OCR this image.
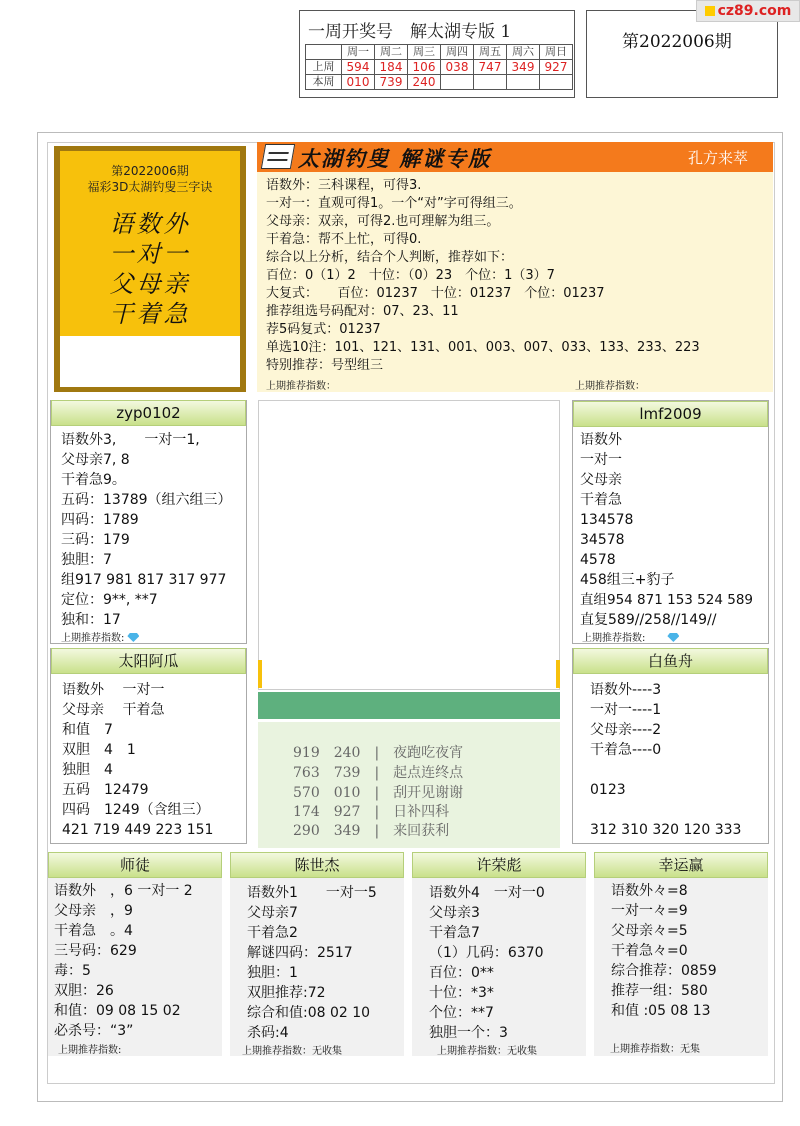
一周开奖号　解太湖专版 1
	周一	周二	周三	周四	周五	周六	周日
上周	594	184	106	038	747	349	927
本周	010	739	240				
第2022006期
cz89.com
第2022006期
福彩3D太湖钓叟三字诀
语数外
一对一
父母亲
干着急
太湖钓叟 解谜专版	孔方来萃
语数外：三科课程，可得3.
一对一：直观可得1。一个“对”字可得组三。
父母亲：双亲，可得2.也可理解为组三。
干着急：帮不上忙，可得0.
综合以上分析，结合个人判断，推荐如下：
百位：0（1）2　十位：（0）23　个位：1（3）7
大复式：　　百位：01237　十位：01237　个位：01237
推荐组选号码配对：07、23、11
荐5码复式：01237
单选10注：101、121、131、001、003、007、033、133、233、223
特别推荐：号型组三
上期推荐指数：	上期推荐指数：
zyp0102
语数外3,　　一对一1,
父母亲7, 8
干着急9。
五码：13789（组六组三）
四码：1789
三码：179
独胆：7
组917 981 817 317 977
定位：9**, **7
独和：17
上期推荐指数:
lmf2009
语数外
一对一
父母亲
干着急
134578
34578
4578
458组三+豹子
直组954 871 153 524 589
直复589//258//149//
上期推荐指数:
919　240　|　夜跑吃夜宵
763　739　|　起点连终点
570　010　|　刮开见谢谢
174　927　|　日补四科
290　349　|　来回获利
太阳阿瓜
语数外　 一对一
父母亲　 干着急
和值　7
双胆　4　1
独胆　4
五码　12479
四码　1249（含组三）
421 719 449 223 151
白鱼舟
语数外----3
一对一----1
父母亲----2
干着急----0
0123
312 310 320 120 333
师徒
语数外　，6 一对一 2
父母亲　，9
干着急　。4
三号码：629
毒：5
双胆：26
和值：09 08 15 02
必杀号：“3”
上期推荐指数:
陈世杰
语数外1　　一对一5
父母亲7
干着急2
解谜四码：2517
独胆：1
双胆推荐:72
综合和值:08 02 10
杀码:4
上期推荐指数：无收集
许荣彪
语数外4　一对一0
父母亲3
干着急7
（1）几码：6370
百位：0**
十位：*3*
个位：**7
独胆一个：3
上期推荐指数：无收集
幸运赢
语数外々=8
一对一々=9
父母亲々=5
干着急々=0
综合推荐：0859
推荐一组：580
和值 :05 08 13
上期推荐指数：无集
